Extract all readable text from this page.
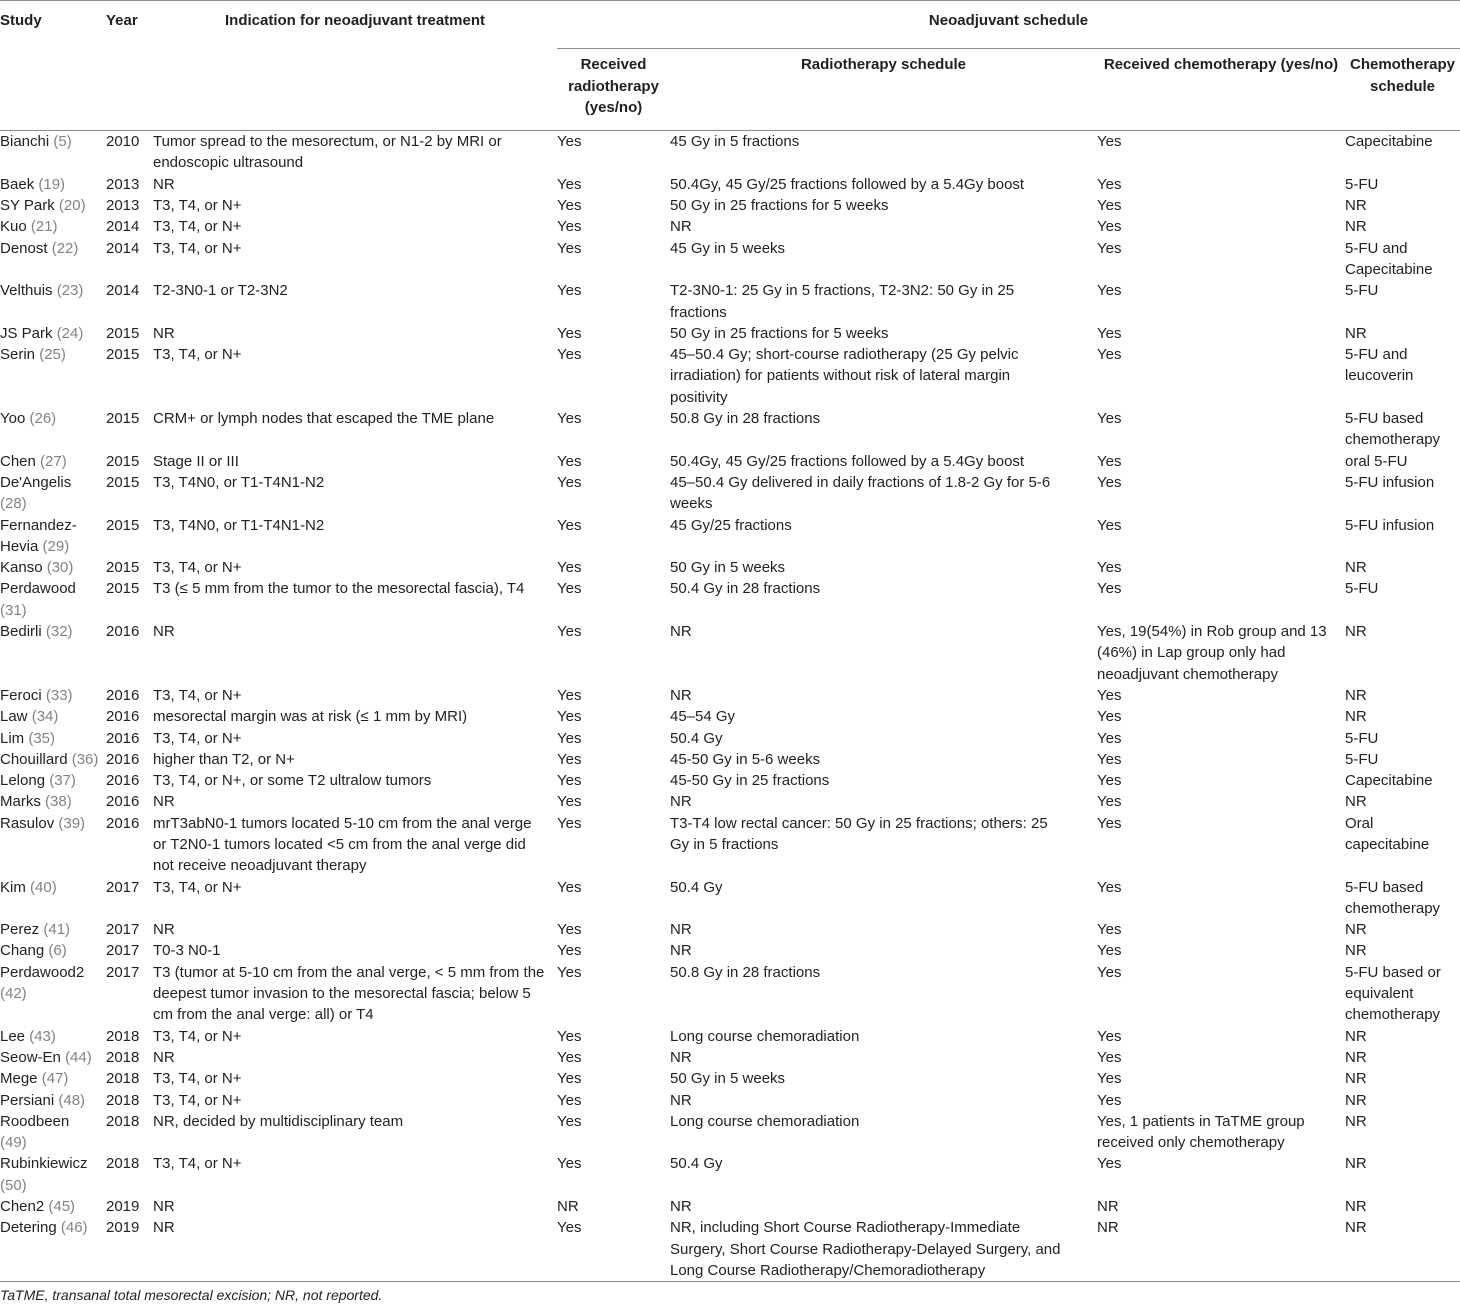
Study	Year	Indication for neoadjuvant treatment	Neoadjuvant schedule			
			Received radiotherapy (yes/no)	Radiotherapy schedule	Received chemotherapy (yes/no)	Chemotherapy schedule
Bianchi (5)	2010	Tumor spread to the mesorectum, or N1-2 by MRI or endoscopic ultrasound	Yes	45 Gy in 5 fractions	Yes	Capecitabine
Baek (19)	2013	NR	Yes	50.4Gy, 45 Gy/25 fractions followed by a 5.4Gy boost	Yes	5-FU
SY Park (20)	2013	T3, T4, or N+	Yes	50 Gy in 25 fractions for 5 weeks	Yes	NR
Kuo (21)	2014	T3, T4, or N+	Yes	NR	Yes	NR
Denost (22)	2014	T3, T4, or N+	Yes	45 Gy in 5 weeks	Yes	5-FU and Capecitabine
Velthuis (23)	2014	T2-3N0-1 or T2-3N2	Yes	T2-3N0-1: 25 Gy in 5 fractions, T2-3N2: 50 Gy in 25 fractions	Yes	5-FU
JS Park (24)	2015	NR	Yes	50 Gy in 25 fractions for 5 weeks	Yes	NR
Serin (25)	2015	T3, T4, or N+	Yes	45–50.4 Gy; short-course radiotherapy (25 Gy pelvic irradiation) for patients without risk of lateral margin positivity	Yes	5-FU and leucoverin
Yoo (26)	2015	CRM+ or lymph nodes that escaped the TME plane	Yes	50.8 Gy in 28 fractions	Yes	5-FU based chemotherapy
Chen (27)	2015	Stage II or III	Yes	50.4Gy, 45 Gy/25 fractions followed by a 5.4Gy boost	Yes	oral 5-FU
De'Angelis (28)	2015	T3, T4N0, or T1-T4N1-N2	Yes	45–50.4 Gy delivered in daily fractions of 1.8-2 Gy for 5-6 weeks	Yes	5-FU infusion
Fernandez-Hevia (29)	2015	T3, T4N0, or T1-T4N1-N2	Yes	45 Gy/25 fractions	Yes	5-FU infusion
Kanso (30)	2015	T3, T4, or N+	Yes	50 Gy in 5 weeks	Yes	NR
Perdawood (31)	2015	T3 (≤ 5 mm from the tumor to the mesorectal fascia), T4	Yes	50.4 Gy in 28 fractions	Yes	5-FU
Bedirli (32)	2016	NR	Yes	NR	Yes, 19(54%) in Rob group and 13 (46%) in Lap group only had neoadjuvant chemotherapy	NR
Feroci (33)	2016	T3, T4, or N+	Yes	NR	Yes	NR
Law (34)	2016	mesorectal margin was at risk (≤ 1 mm by MRI)	Yes	45–54 Gy	Yes	NR
Lim (35)	2016	T3, T4, or N+	Yes	50.4 Gy	Yes	5-FU
Chouillard (36)	2016	higher than T2, or N+	Yes	45-50 Gy in 5-6 weeks	Yes	5-FU
Lelong (37)	2016	T3, T4, or N+, or some T2 ultralow tumors	Yes	45-50 Gy in 25 fractions	Yes	Capecitabine
Marks (38)	2016	NR	Yes	NR	Yes	NR
Rasulov (39)	2016	mrT3abN0-1 tumors located 5-10 cm from the anal verge or T2N0-1 tumors located <5 cm from the anal verge did not receive neoadjuvant therapy	Yes	T3-T4 low rectal cancer: 50 Gy in 25 fractions; others: 25 Gy in 5 fractions	Yes	Oral capecitabine
Kim (40)	2017	T3, T4, or N+	Yes	50.4 Gy	Yes	5-FU based chemotherapy
Perez (41)	2017	NR	Yes	NR	Yes	NR
Chang (6)	2017	T0-3 N0-1	Yes	NR	Yes	NR
Perdawood2 (42)	2017	T3 (tumor at 5-10 cm from the anal verge, < 5 mm from the deepest tumor invasion to the mesorectal fascia; below 5 cm from the anal verge: all) or T4	Yes	50.8 Gy in 28 fractions	Yes	5-FU based or equivalent chemotherapy
Lee (43)	2018	T3, T4, or N+	Yes	Long course chemoradiation	Yes	NR
Seow-En (44)	2018	NR	Yes	NR	Yes	NR
Mege (47)	2018	T3, T4, or N+	Yes	50 Gy in 5 weeks	Yes	NR
Persiani (48)	2018	T3, T4, or N+	Yes	NR	Yes	NR
Roodbeen (49)	2018	NR, decided by multidisciplinary team	Yes	Long course chemoradiation	Yes, 1 patients in TaTME group received only chemotherapy	NR
Rubinkiewicz (50)	2018	T3, T4, or N+	Yes	50.4 Gy	Yes	NR
Chen2 (45)	2019	NR	NR	NR	NR	NR
Detering (46)	2019	NR	Yes	NR, including Short Course Radiotherapy-Immediate Surgery, Short Course Radiotherapy-Delayed Surgery, and Long Course Radiotherapy/Chemoradiotherapy	NR	NR
TaTME, transanal total mesorectal excision; NR, not reported.
